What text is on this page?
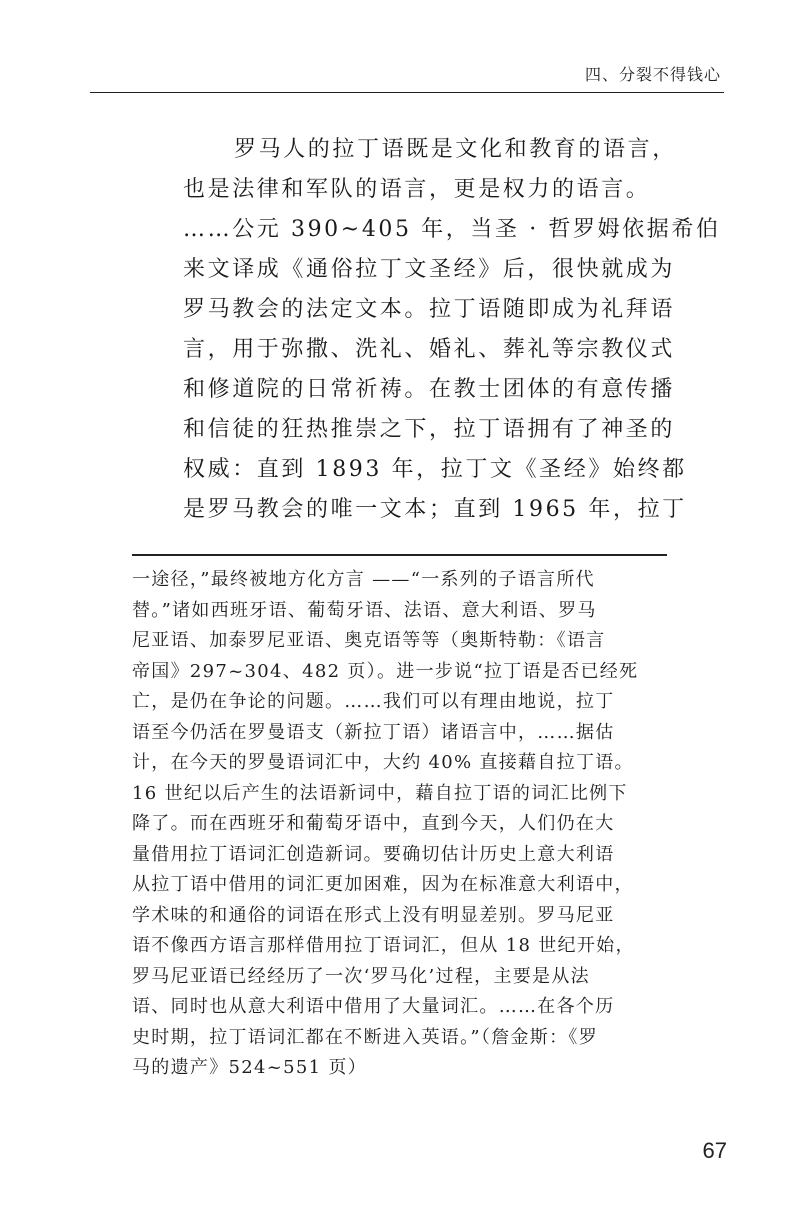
四、分裂不得钱心
罗马人的拉丁语既是文化和教育的语言，
也是法律和军队的语言，更是权力的语言。
……公元 390~405 年，当圣 · 哲罗姆依据希伯
来文译成《通俗拉丁文圣经》后，很快就成为
罗马教会的法定文本。拉丁语随即成为礼拜语
言，用于弥撒、洗礼、婚礼、葬礼等宗教仪式
和修道院的日常祈祷。在教士团体的有意传播
和信徒的狂热推崇之下，拉丁语拥有了神圣的
权威：直到 1893 年，拉丁文《圣经》始终都
是罗马教会的唯一文本；直到 1965 年，拉丁
一途径，”最终被地方化方言 ——“一系列的子语言所代
替。”诸如西班牙语、葡萄牙语、法语、意大利语、罗马
尼亚语、加泰罗尼亚语、奥克语等等（奥斯特勒：《语言
帝国》297~304、482 页）。进一步说“拉丁语是否已经死
亡，是仍在争论的问题。……我们可以有理由地说，拉丁
语至今仍活在罗曼语支（新拉丁语）诸语言中，……据估
计，在今天的罗曼语词汇中，大约 40% 直接藉自拉丁语。
16 世纪以后产生的法语新词中，藉自拉丁语的词汇比例下
降了。而在西班牙和葡萄牙语中，直到今天，人们仍在大
量借用拉丁语词汇创造新词。要确切估计历史上意大利语
从拉丁语中借用的词汇更加困难，因为在标准意大利语中，
学术味的和通俗的词语在形式上没有明显差别。罗马尼亚
语不像西方语言那样借用拉丁语词汇，但从 18 世纪开始，
罗马尼亚语已经经历了一次‘罗马化’过程，主要是从法
语、同时也从意大利语中借用了大量词汇。……在各个历
史时期，拉丁语词汇都在不断进入英语。”（詹金斯：《罗
马的遗产》524~551 页）
67
